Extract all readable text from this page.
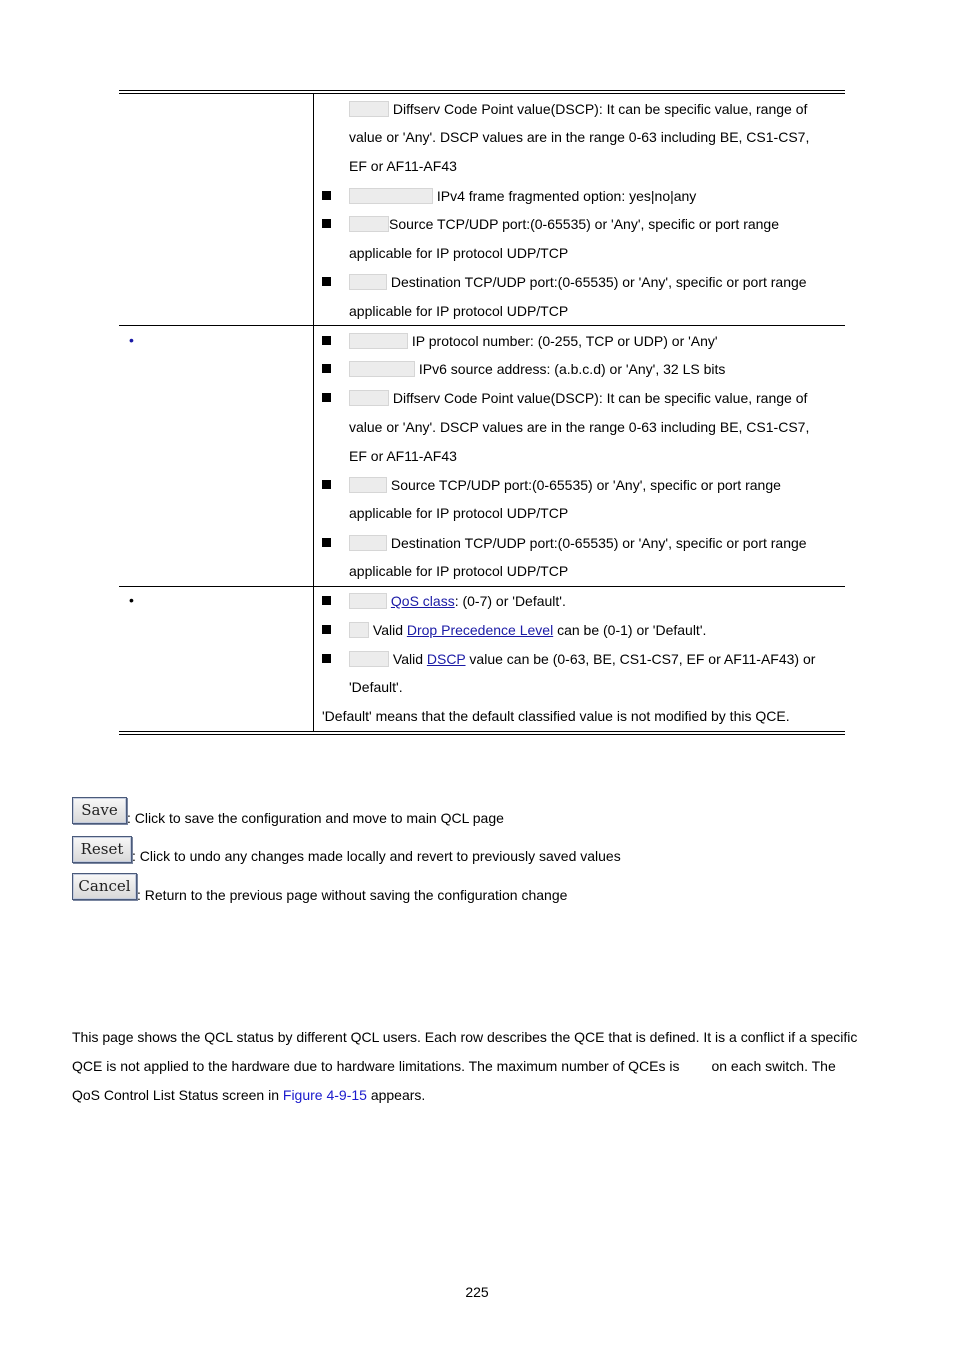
Diffserv Code Point value(DSCP): It can be specific value, range of
value or 'Any'. DSCP values are in the range 0-63 including BE, CS1-CS7,
EF or AF11-AF43
IPv4 frame fragmented option: yes|no|any
Source TCP/UDP port:(0-65535) or 'Any', specific or port range
applicable for IP protocol UDP/TCP
Destination TCP/UDP port:(0-65535) or 'Any', specific or port range
applicable for IP protocol UDP/TCP
•	IP protocol number: (0-255, TCP or UDP) or 'Any'
IPv6 source address: (a.b.c.d) or 'Any', 32 LS bits
Diffserv Code Point value(DSCP): It can be specific value, range of
value or 'Any'. DSCP values are in the range 0-63 including BE, CS1-CS7,
EF or AF11-AF43
Source TCP/UDP port:(0-65535) or 'Any', specific or port range
applicable for IP protocol UDP/TCP
Destination TCP/UDP port:(0-65535) or 'Any', specific or port range
applicable for IP protocol UDP/TCP
•	QoS class: (0-7) or 'Default'.
Valid Drop Precedence Level can be (0-1) or 'Default'.
Valid DSCP value can be (0-63, BE, CS1-CS7, EF or AF11-AF43) or
'Default'.
'Default' means that the default classified value is not modified by this QCE.
Save : Click to save the configuration and move to main QCL page
Reset : Click to undo any changes made locally and revert to previously saved values
Cancel : Return to the previous page without saving the configuration change
This page shows the QCL status by different QCL users. Each row describes the QCE that is defined. It is a conflict if a specific
QCE is not applied to the hardware due to hardware limitations. The maximum number of QCEs is on each switch. The
QoS Control List Status screen in Figure 4-9-15 appears.
225
